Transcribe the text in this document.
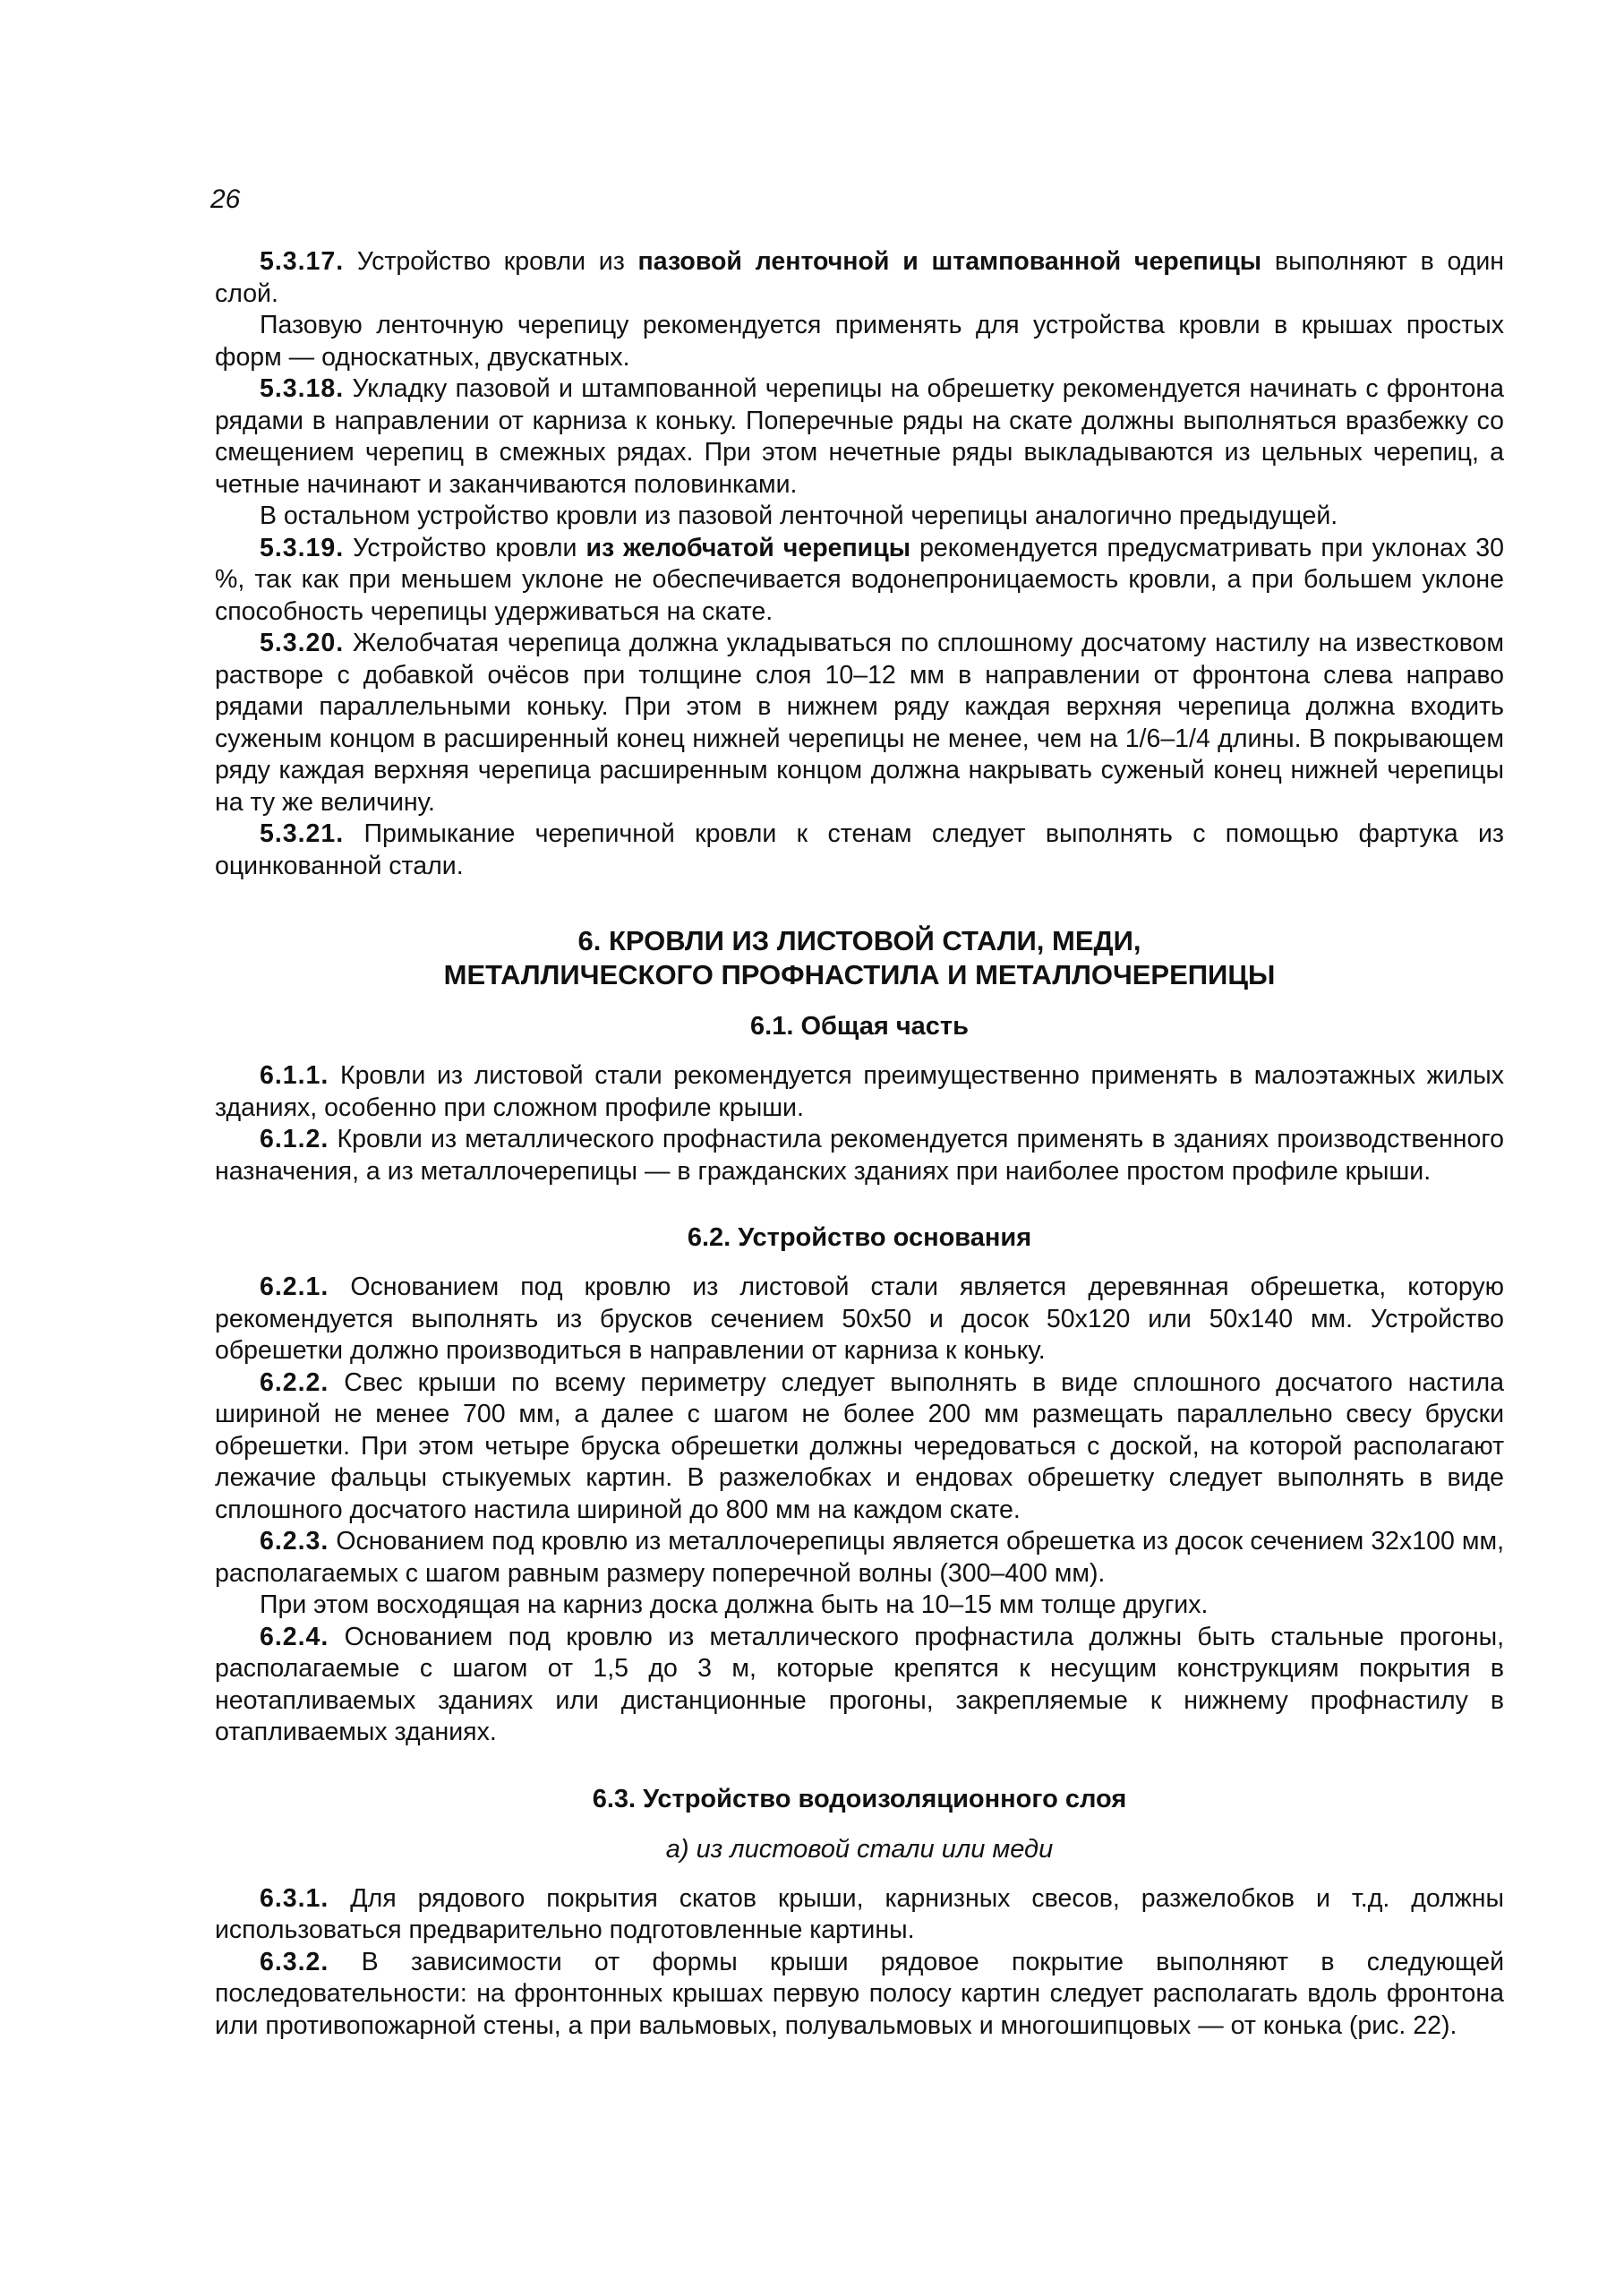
26

5.3.17. Устройство кровли из пазовой ленточной и штампованной черепицы выполняют в один слой.

Пазовую ленточную черепицу рекомендуется применять для устройства кровли в крышах простых форм — односкатных, двускатных.

5.3.18. Укладку пазовой и штампованной черепицы на обрешетку рекомендуется начинать с фронтона рядами в направлении от карниза к коньку. Поперечные ряды на скате должны выполняться вразбежку со смещением черепиц в смежных рядах. При этом нечетные ряды выкладываются из цельных черепиц, а четные начинают и заканчиваются половинками.

В остальном устройство кровли из пазовой ленточной черепицы аналогично предыдущей.

5.3.19. Устройство кровли из желобчатой черепицы рекомендуется предусматривать при уклонах 30 %, так как при меньшем уклоне не обеспечивается водонепроницаемость кровли, а при большем уклоне способность черепицы удерживаться на скате.

5.3.20. Желобчатая черепица должна укладываться по сплошному досчатому настилу на известковом растворе с добавкой очёсов при толщине слоя 10–12 мм в направлении от фронтона слева направо рядами параллельными коньку. При этом в нижнем ряду каждая верхняя черепица должна входить суженым концом в расширенный конец нижней черепицы не менее, чем на 1/6–1/4 длины. В покрывающем ряду каждая верхняя черепица расширенным концом должна накрывать суженый конец нижней черепицы на ту же величину.

5.3.21. Примыкание черепичной кровли к стенам следует выполнять с помощью фартука из оцинкованной стали.

6. КРОВЛИ ИЗ ЛИСТОВОЙ СТАЛИ, МЕДИ,
МЕТАЛЛИЧЕСКОГО ПРОФНАСТИЛА И МЕТАЛЛОЧЕРЕПИЦЫ
6.1. Общая часть

6.1.1. Кровли из листовой стали рекомендуется преимущественно применять в малоэтажных жилых зданиях, особенно при сложном профиле крыши.

6.1.2. Кровли из металлического профнастила рекомендуется применять в зданиях производственного назначения, а из металлочерепицы — в гражданских зданиях при наиболее простом профиле крыши.

6.2. Устройство основания

6.2.1. Основанием под кровлю из листовой стали является деревянная обрешетка, которую рекомендуется выполнять из брусков сечением 50х50 и досок 50х120 или 50х140 мм. Устройство обрешетки должно производиться в направлении от карниза к коньку.

6.2.2. Свес крыши по всему периметру следует выполнять в виде сплошного досчатого настила шириной не менее 700 мм, а далее с шагом не более 200 мм размещать параллельно свесу бруски обрешетки. При этом четыре бруска обрешетки должны чередоваться с доской, на которой располагают лежачие фальцы стыкуемых картин. В разжелобках и ендовах обрешетку следует выполнять в виде сплошного досчатого настила шириной до 800 мм на каждом скате.

6.2.3. Основанием под кровлю из металлочерепицы является обрешетка из досок сечением 32х100 мм, располагаемых с шагом равным размеру поперечной волны (300–400 мм).

При этом восходящая на карниз доска должна быть на 10–15 мм толще других.

6.2.4. Основанием под кровлю из металлического профнастила должны быть стальные прогоны, располагаемые с шагом от 1,5 до 3 м, которые крепятся к несущим конструкциям покрытия в неотапливаемых зданиях или дистанционные прогоны, закрепляемые к нижнему профнастилу в отапливаемых зданиях.

6.3. Устройство водоизоляционного слоя
а) из листовой стали или меди

6.3.1. Для рядового покрытия скатов крыши, карнизных свесов, разжелобков и т.д. должны использоваться предварительно подготовленные картины.

6.3.2. В зависимости от формы крыши рядовое покрытие выполняют в следующей последовательности: на фронтонных крышах первую полосу картин следует располагать вдоль фронтона или противопожарной стены, а при вальмовых, полувальмовых и многошипцовых — от конька (рис. 22).
